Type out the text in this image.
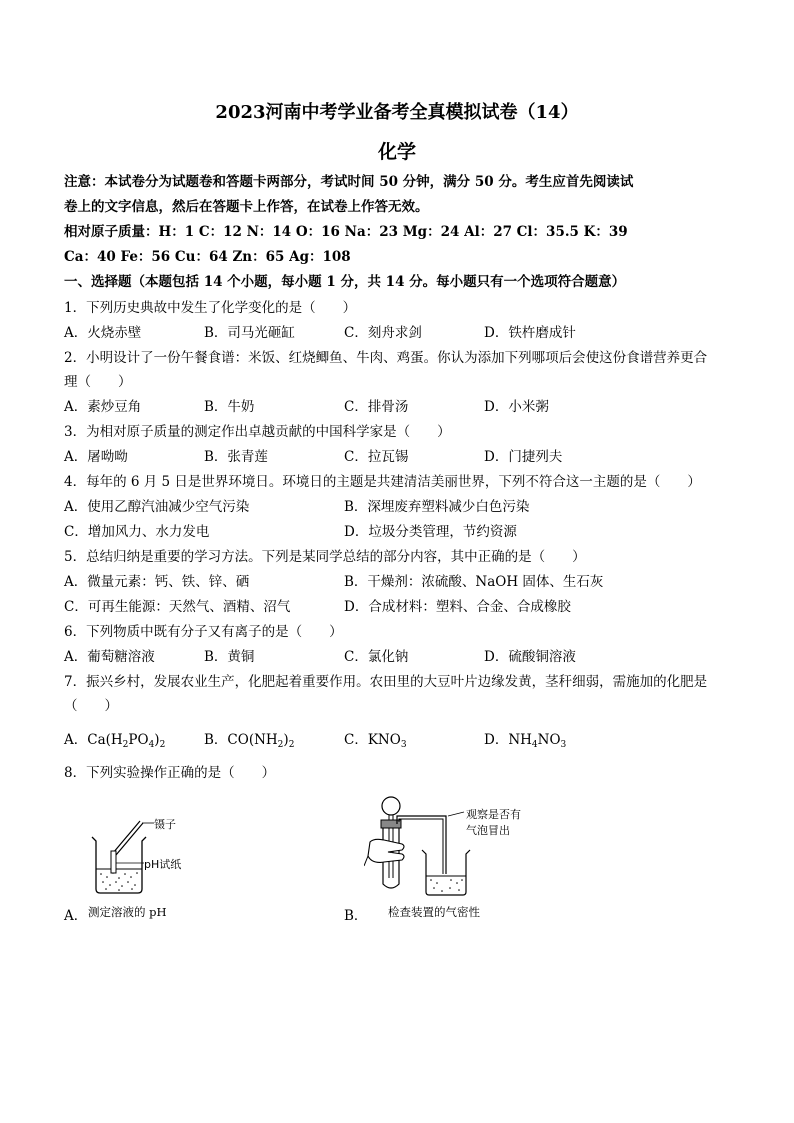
2023河南中考学业备考全真模拟试卷（14）
化学
注意：本试卷分为试题卷和答题卡两部分，考试时间 50 分钟，满分 50 分。考生应首先阅读试
卷上的文字信息，然后在答题卡上作答，在试卷上作答无效。
相对原子质量：H：1 C：12 N：14 O：16 Na：23 Mg：24 Al：27 Cl：35.5 K：39
Ca：40 Fe：56 Cu：64 Zn：65 Ag：108
一、选择题（本题包括 14 个小题，每小题 1 分，共 14 分。每小题只有一个选项符合题意）
1．下列历史典故中发生了化学变化的是（　　）
A．火烧赤壁	B．司马光砸缸	C．刻舟求剑	D．铁杵磨成针
2．小明设计了一份午餐食谱：米饭、红烧鲫鱼、牛肉、鸡蛋。你认为添加下列哪项后会使这份食谱营养更合
理（　　）
A．素炒豆角	B．牛奶	C．排骨汤	D．小米粥
3．为相对原子质量的测定作出卓越贡献的中国科学家是（　　）
A．屠呦呦	B．张青莲	C．拉瓦锡	D．门捷列夫
4．每年的 6 月 5 日是世界环境日。环境日的主题是共建清洁美丽世界，下列不符合这一主题的是（　　）
A．使用乙醇汽油减少空气污染	B．深埋废弃塑料减少白色污染
C．增加风力、水力发电	D．垃圾分类管理，节约资源
5．总结归纳是重要的学习方法。下列是某同学总结的部分内容，其中正确的是（　　）
A．微量元素：钙、铁、锌、硒	B．干燥剂：浓硫酸、NaOH 固体、生石灰
C．可再生能源：天然气、酒精、沼气	D．合成材料：塑料、合金、合成橡胶
6．下列物质中既有分子又有离子的是（　　）
A．葡萄糖溶液	B．黄铜	C．氯化钠	D．硫酸铜溶液
7．振兴乡村，发展农业生产，化肥起着重要作用。农田里的大豆叶片边缘发黄，茎秆细弱，需施加的化肥是
（　　）
A．$Ca(H_2PO_4)_2$	B．$CO(NH_2)_2$	C．$KNO_3$	D．$NH_4NO_3$
8．下列实验操作正确的是（　　）
镊子
pH试纸
A． 测定溶液的 pH
观察是否有
气泡冒出
B． 检查装置的气密性
